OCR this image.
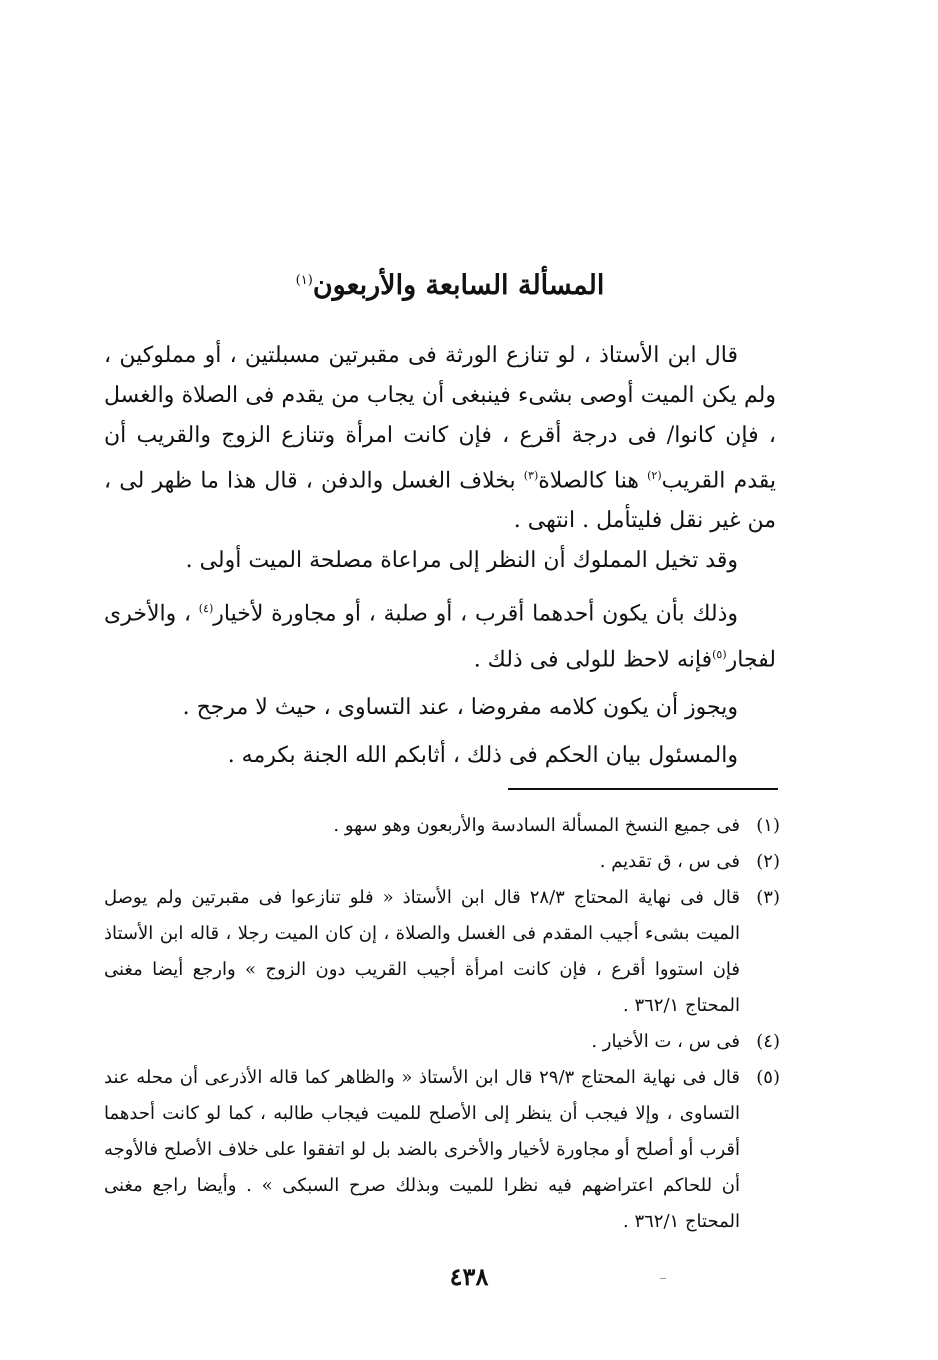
المسألة السابعة والأربعون$^{(١)}$

قال ابن الأستاذ ، لو تنازع الورثة فى مقبرتين مسبلتين ، أو مملوكين ، ولم يكن الميت أوصى بشىء فينبغى أن يجاب من يقدم فى الصلاة والغسل ، فإن كانوا/ فى درجة أقرع ، فإن كانت امرأة وتنازع الزوج والقريب أن يقدم القريب$^{(٢)}$ هنا كالصلاة$^{(٣)}$ بخلاف الغسل والدفن ، قال هذا ما ظهر لى ، من غير نقل فليتأمل . انتهى .

وقد تخيل المملوك أن النظر إلى مراعاة مصلحة الميت أولى .

وذلك بأن يكون أحدهما أقرب ، أو صلبة ، أو مجاورة لأخيار$^{(٤)}$ ، والأخرى لفجار$^{(٥)}$فإنه لاحظ للولى فى ذلك .

ويجوز أن يكون كلامه مفروضا ، عند التساوى ، حيث لا مرجح .

والمسئول بيان الحكم فى ذلك ، أثابكم الله الجنة بكرمه .

(١)
فى جميع النسخ المسألة السادسة والأربعون وهو سهو .
(٢)
فى س ، ق تقديم .
(٣)
قال فى نهاية المحتاج ٢٨/٣ قال ابن الأستاذ « فلو تنازعوا فى مقبرتين ولم يوصل الميت بشىء أجيب المقدم فى الغسل والصلاة ، إن كان الميت رجلا ، قاله ابن الأستاذ فإن استووا أقرع ، فإن كانت امرأة أجيب القريب دون الزوج » وارجع أيضا مغنى المحتاج ٣٦٢/١ .
(٤)
فى س ، ت الأخيار .
(٥)
قال فى نهاية المحتاج ٢٩/٣ قال ابن الأستاذ « والظاهر كما قاله الأذرعى أن محله عند التساوى ، وإلا فيجب أن ينظر إلى الأصلح للميت فيجاب طالبه ، كما لو كانت أحدهما أقرب أو أصلح أو مجاورة لأخيار والأخرى بالضد بل لو اتفقوا على خلاف الأصلح فالأوجه أن للحاكم اعتراضهم فيه نظرا للميت وبذلك صرح السبكى » . وأيضا راجع مغنى المحتاج ٣٦٢/١ .
٤٣٨
